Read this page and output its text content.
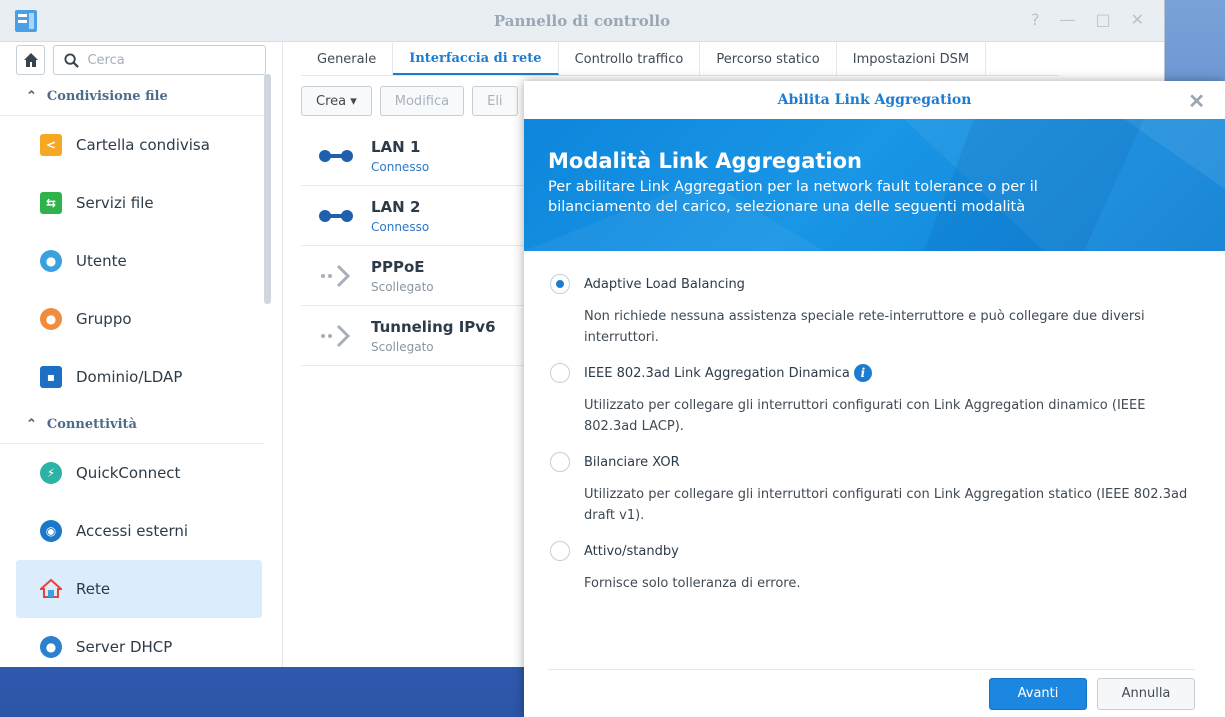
Pannello di controllo	? — □ ✕
Cerca
⌃ Condivisione file
<	Cartella condivisa
⇆	Servizi file
●	Utente
●	Gruppo
▪	Dominio/LDAP
⌃ Connettività
⚡	QuickConnect
◉	Accessi esterni
Rete
●	Server DHCP
Generale	Interfaccia di rete	Controllo traffico	Percorso statico	Impostazioni DSM
Crea ▾	Modifica	Eli
LAN 1
Connesso
LAN 2
Connesso
PPPoE
Scollegato
Tunneling IPv6
Scollegato
Abilita Link Aggregation	✕
Modalità Link Aggregation

Per abilitare Link Aggregation per la network fault tolerance o per il bilanciamento del carico, selezionare una delle seguenti modalità

Adaptive Load Balancing
Non richiede nessuna assistenza speciale rete-interruttore e può collegare due diversi interruttori.
IEEE 802.3ad Link Aggregation Dinamica i
Utilizzato per collegare gli interruttori configurati con Link Aggregation dinamico (IEEE 802.3ad LACP).
Bilanciare XOR
Utilizzato per collegare gli interruttori configurati con Link Aggregation statico (IEEE 802.3ad draft v1).
Attivo/standby
Fornisce solo tolleranza di errore.
Avanti	Annulla
